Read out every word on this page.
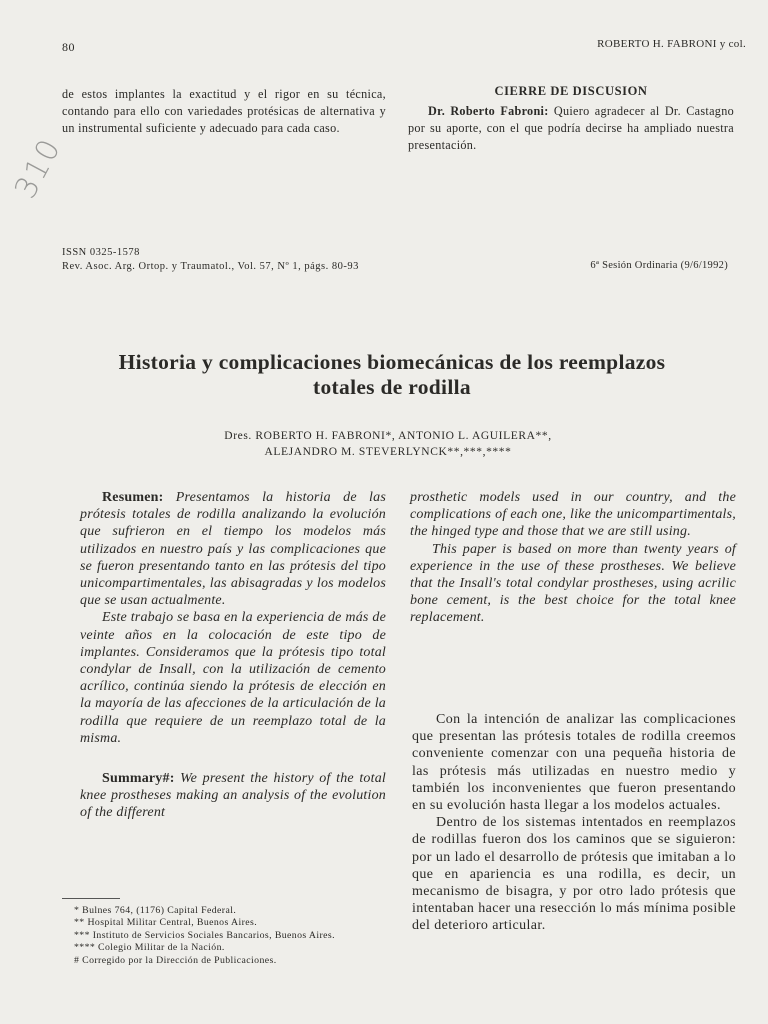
80	ROBERTO H. FABRONI y col.
de estos implantes la exactitud y el rigor en su técnica, contando para ello con variedades protésicas de alternativa y un instrumental suficiente y adecuado para cada caso.
CIERRE DE DISCUSION

Dr. Roberto Fabroni: Quiero agradecer al Dr. Castagno por su aporte, con el que podría decirse ha ampliado nuestra presentación.

310
ISSN 0325-1578
Rev. Asoc. Arg. Ortop. y Traumatol., Vol. 57, Nº 1, págs. 80-93	6ª Sesión Ordinaria (9/6/1992)
Historia y complicaciones biomecánicas de los reemplazos
totales de rodilla
Dres. ROBERTO H. FABRONI*, ANTONIO L. AGUILERA**,
ALEJANDRO M. STEVERLYNCK**,***,****

Resumen: Presentamos la historia de las prótesis totales de rodilla analizando la evolución que sufrieron en el tiempo los modelos más utilizados en nuestro país y las complicaciones que se fueron presentando tanto en las prótesis del tipo unicompartimentales, las abisagradas y los modelos que se usan actualmente.

Este trabajo se basa en la experiencia de más de veinte años en la colocación de este tipo de implantes. Consideramos que la prótesis tipo total condylar de Insall, con la utilización de cemento acrílico, continúa siendo la prótesis de elección en la mayoría de las afecciones de la articulación de la rodilla que requiere de un reemplazo total de la misma.

Summary#: We present the history of the total knee prostheses making an analysis of the evolution of the different

prosthetic models used in our country, and the complications of each one, like the unicompartimentals, the hinged type and those that we are still using.

This paper is based on more than twenty years of experience in the use of these prostheses. We believe that the Insall's total condylar prostheses, using acrilic bone cement, is the best choice for the total knee replacement.

Con la intención de analizar las complicaciones que presentan las prótesis totales de rodilla creemos conveniente comenzar con una pequeña historia de las prótesis más utilizadas en nuestro medio y también los inconvenientes que fueron presentando en su evolución hasta llegar a los modelos actuales.

Dentro de los sistemas intentados en reemplazos de rodillas fueron dos los caminos que se siguieron: por un lado el desarrollo de prótesis que imitaban a lo que en apariencia es una rodilla, es decir, un mecanismo de bisagra, y por otro lado prótesis que intentaban hacer una resección lo más mínima posible del deterioro articular.

* Bulnes 764, (1176) Capital Federal.
** Hospital Militar Central, Buenos Aires.
*** Instituto de Servicios Sociales Bancarios, Buenos Aires.
**** Colegio Militar de la Nación.
# Corregido por la Dirección de Publicaciones.
